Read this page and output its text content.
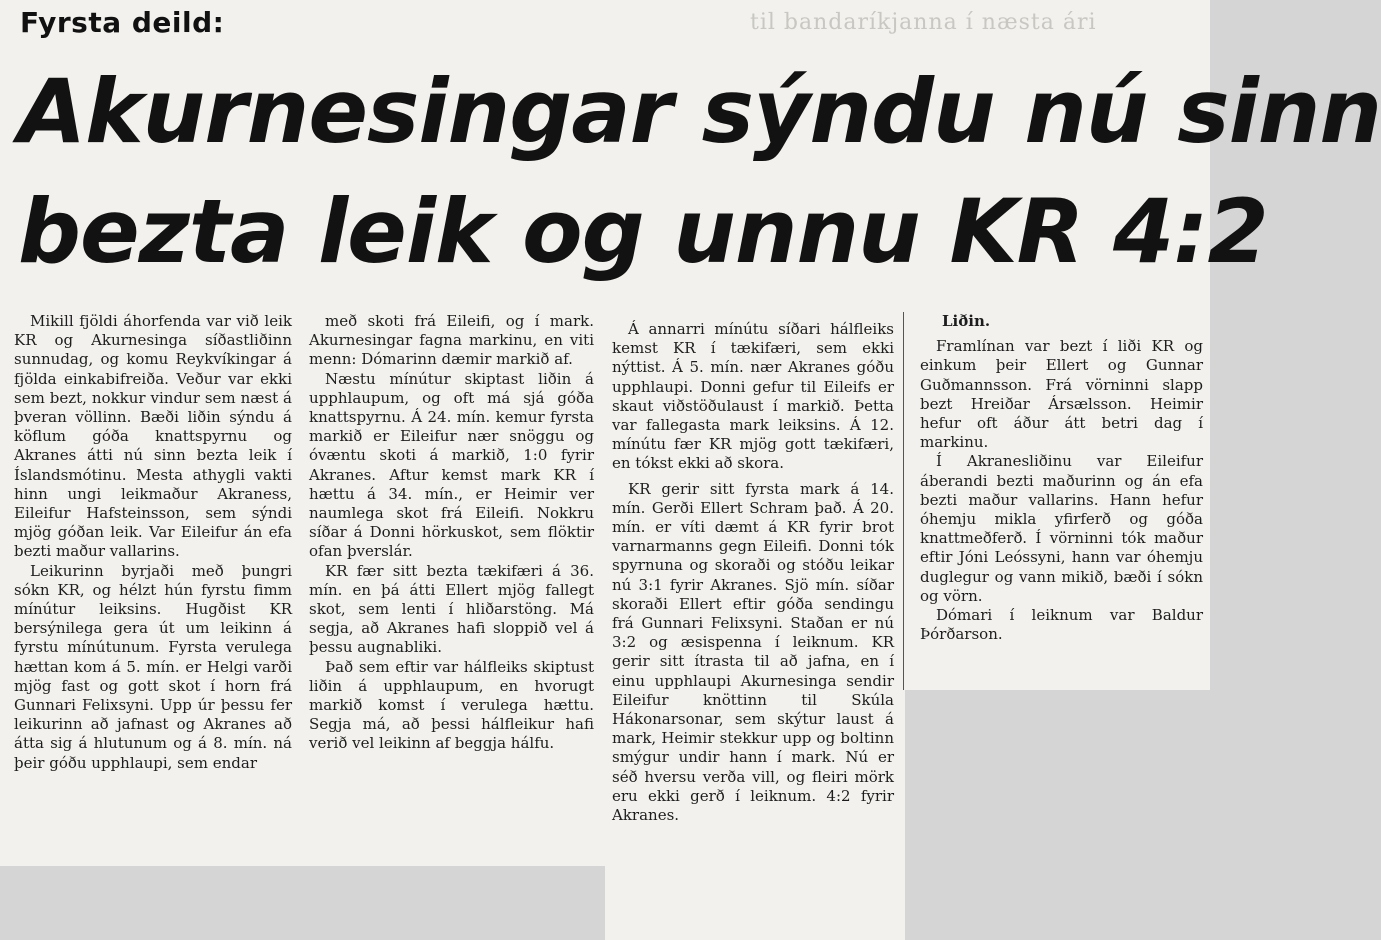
til bandaríkjanna í næsta ári
Fyrsta deild:
Akurnesingar sýndu nú sinn
bezta leik og unnu KR 4:2

Mikill fjöldi áhorfenda var við leik KR og Akurnesinga síðastliðinn sunnudag, og komu Reykvíkingar á fjölda einkabifreiða. Veður var ekki sem bezt, nokkur vindur sem næst á þveran völlinn. Bæði liðin sýndu á köflum góða knattspyrnu og Akranes átti nú sinn bezta leik í Íslandsmótinu. Mesta athygli vakti hinn ungi leikmaður Akraness, Eileifur Hafsteinsson, sem sýndi mjög góðan leik. Var Eileifur án efa bezti maður vallarins.

Leikurinn byrjaði með þungri sókn KR, og hélzt hún fyrstu fimm mínútur leiksins. Hugðist KR bersýnilega gera út um leikinn á fyrstu mínútunum. Fyrsta verulega hættan kom á 5. mín. er Helgi varði mjög fast og gott skot í horn frá Gunnari Felixsyni. Upp úr þessu fer leikurinn að jafnast og Akranes að átta sig á hlutunum og á 8. mín. ná þeir góðu upphlaupi, sem endar

með skoti frá Eileifi, og í mark. Akurnesingar fagna markinu, en viti menn: Dómarinn dæmir markið af.

Næstu mínútur skiptast liðin á upphlaupum, og oft má sjá góða knattspyrnu. Á 24. mín. kemur fyrsta markið er Eileifur nær snöggu og óvæntu skoti á markið, 1:0 fyrir Akranes. Aftur kemst mark KR í hættu á 34. mín., er Heimir ver naumlega skot frá Eileifi. Nokkru síðar á Donni hörkuskot, sem flöktir ofan þverslár.

KR fær sitt bezta tækifæri á 36. mín. en þá átti Ellert mjög fallegt skot, sem lenti í hliðarstöng. Má segja, að Akranes hafi sloppið vel á þessu augnabliki.

Það sem eftir var hálfleiks skiptust liðin á upphlaupum, en hvorugt markið komst í verulega hættu. Segja má, að þessi hálfleikur hafi verið vel leikinn af beggja hálfu.

Á annarri mínútu síðari hálfleiks kemst KR í tækifæri, sem ekki nýttist. Á 5. mín. nær Akranes góðu upphlaupi. Donni gefur til Eileifs er skaut viðstöðulaust í markið. Þetta var fallegasta mark leiksins. Á 12. mínútu fær KR mjög gott tækifæri, en tókst ekki að skora.

KR gerir sitt fyrsta mark á 14. mín. Gerði Ellert Schram það. Á 20. mín. er víti dæmt á KR fyrir brot varnarmanns gegn Eileifi. Donni tók spyrnuna og skoraði og stóðu leikar nú 3:1 fyrir Akranes. Sjö mín. síðar skoraði Ellert eftir góða sendingu frá Gunnari Felixsyni. Staðan er nú 3:2 og æsispenna í leiknum. KR gerir sitt ítrasta til að jafna, en í einu upphlaupi Akurnesinga sendir Eileifur knöttinn til Skúla Hákonarsonar, sem skýtur laust á mark, Heimir stekkur upp og boltinn smýgur undir hann í mark. Nú er séð hversu verða vill, og fleiri mörk eru ekki gerð í leiknum. 4:2 fyrir Akranes.

Liðin.

Framlínan var bezt í liði KR og einkum þeir Ellert og Gunnar Guðmannsson. Frá vörninni slapp bezt Hreiðar Ársælsson. Heimir hefur oft áður átt betri dag í markinu.

Í Akranesliðinu var Eileifur áberandi bezti maðurinn og án efa bezti maður vallarins. Hann hefur óhemju mikla yfirferð og góða knattmeðferð. Í vörninni tók maður eftir Jóni Leóssyni, hann var óhemju duglegur og vann mikið, bæði í sókn og vörn.

Dómari í leiknum var Baldur Þórðarson.
